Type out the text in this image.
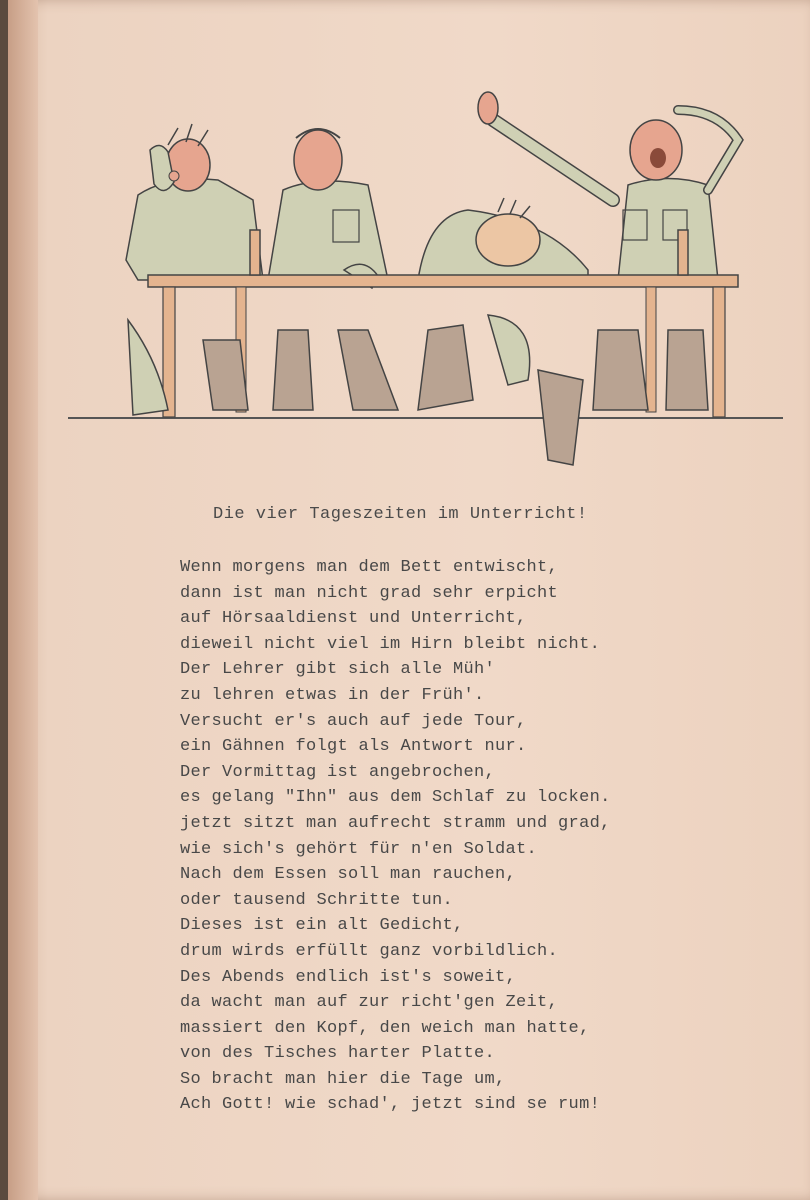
Die vier Tageszeiten im Unterricht!
Wenn morgens man dem Bett entwischt,
dann ist man nicht grad sehr erpicht
auf Hörsaaldienst und Unterricht,
dieweil nicht viel im Hirn bleibt nicht.
Der Lehrer gibt sich alle Müh'
zu lehren etwas in der Früh'.
Versucht er's auch auf jede Tour,
ein Gähnen folgt als Antwort nur.
Der Vormittag ist angebrochen,
es gelang "Ihn" aus dem Schlaf zu locken.
jetzt sitzt man aufrecht stramm und grad,
wie sich's gehört für n'en Soldat.
Nach dem Essen soll man rauchen,
oder tausend Schritte tun.
Dieses ist ein alt Gedicht,
drum wirds erfüllt ganz vorbildlich.
Des Abends endlich ist's soweit,
da wacht man auf zur richt'gen Zeit,
massiert den Kopf, den weich man hatte,
von des Tisches harter Platte.
So bracht man hier die Tage um,
Ach Gott! wie schad', jetzt sind se rum!
